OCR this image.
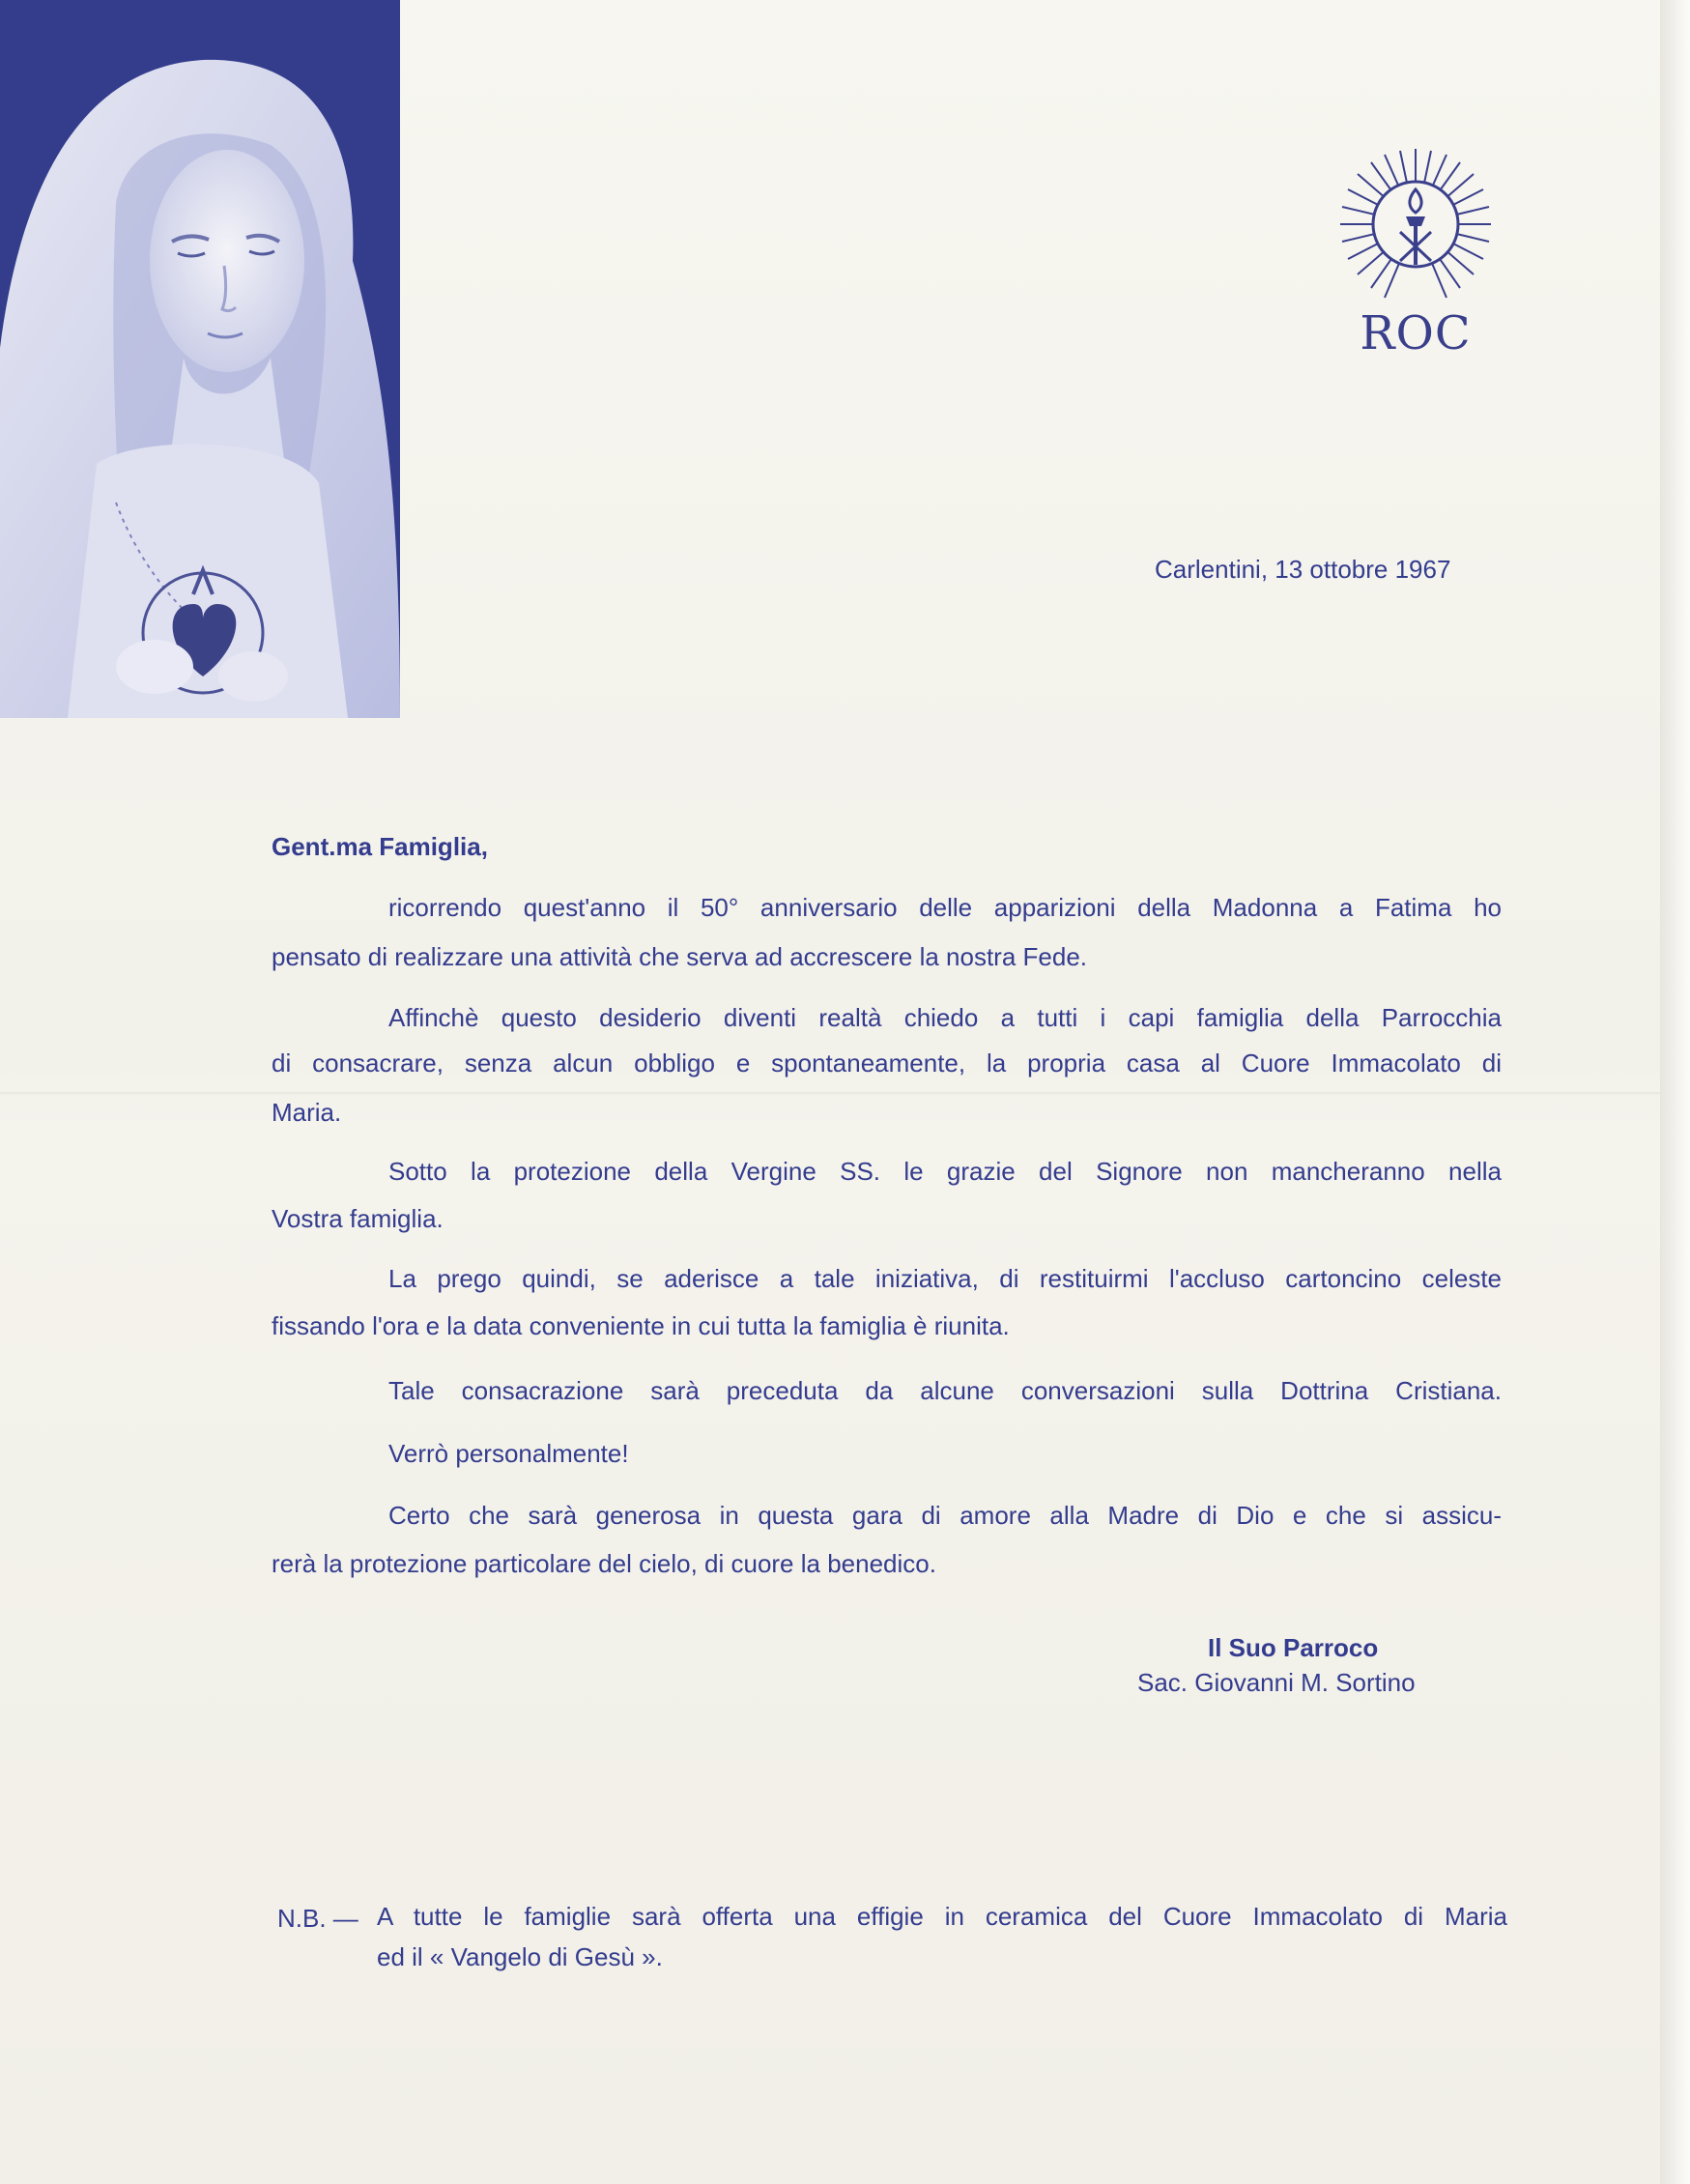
ROC
Carlentini, 13 ottobre 1967
Gent.ma Famiglia,
ricorrendo quest'anno il 50° anniversario delle apparizioni della Madonna a Fatima ho
pensato di realizzare una attività che serva ad accrescere la nostra Fede.
Affinchè questo desiderio diventi realtà chiedo a tutti i capi famiglia della Parrocchia
di consacrare, senza alcun obbligo e spontaneamente, la propria casa al Cuore Immacolato di
Maria.
Sotto la protezione della Vergine SS. le grazie del Signore non mancheranno nella
Vostra famiglia.
La prego quindi, se aderisce a tale iniziativa, di restituirmi l'accluso cartoncino celeste
fissando l'ora e la data conveniente in cui tutta la famiglia è riunita.
Tale consacrazione sarà preceduta da alcune conversazioni sulla Dottrina Cristiana.
Verrò personalmente!
Certo che sarà generosa in questa gara di amore alla Madre di Dio e che si assicu-
rerà la protezione particolare del cielo, di cuore la benedico.
Il Suo Parroco
Sac. Giovanni M. Sortino
N.B. — A tutte le famiglie sarà offerta una effigie in ceramica del Cuore Immacolato di Maria
ed il « Vangelo di Gesù ».
